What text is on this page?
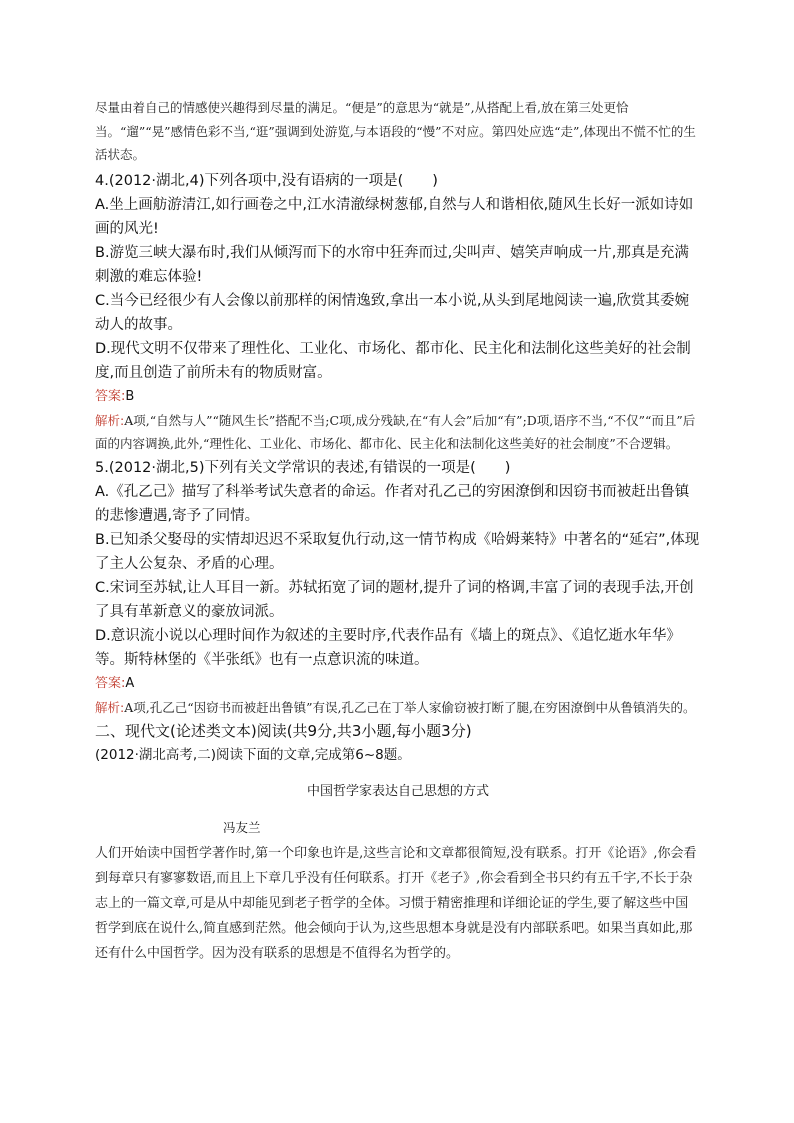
尽量由着自己的情感使兴趣得到尽量的满足。“便是”的意思为“就是”,从搭配上看,放在第三处更恰当。“遛”“晃”感情色彩不当,“逛”强调到处游览,与本语段的“慢”不对应。第四处应选“走”,体现出不慌不忙的生活状态。

4.(2012·湖北,4)下列各项中,没有语病的一项是(　　)

A.坐上画舫游清江,如行画卷之中,江水清澈绿树葱郁,自然与人和谐相依,随风生长好一派如诗如画的风光!

B.游览三峡大瀑布时,我们从倾泻而下的水帘中狂奔而过,尖叫声、嬉笑声响成一片,那真是充满刺激的难忘体验!

C.当今已经很少有人会像以前那样的闲情逸致,拿出一本小说,从头到尾地阅读一遍,欣赏其委婉动人的故事。

D.现代文明不仅带来了理性化、工业化、市场化、都市化、民主化和法制化这些美好的社会制度,而且创造了前所未有的物质财富。

答案:B

解析:A项,“自然与人”“随风生长”搭配不当;C项,成分残缺,在“有人会”后加“有”;D项,语序不当,“不仅”“而且”后面的内容调换,此外,“理性化、工业化、市场化、都市化、民主化和法制化这些美好的社会制度”不合逻辑。

5.(2012·湖北,5)下列有关文学常识的表述,有错误的一项是(　　)

A.《孔乙己》描写了科举考试失意者的命运。作者对孔乙己的穷困潦倒和因窃书而被赶出鲁镇的悲惨遭遇,寄予了同情。

B.已知杀父娶母的实情却迟迟不采取复仇行动,这一情节构成《哈姆莱特》中著名的“延宕”,体现了主人公复杂、矛盾的心理。

C.宋词至苏轼,让人耳目一新。苏轼拓宽了词的题材,提升了词的格调,丰富了词的表现手法,开创了具有革新意义的豪放词派。

D.意识流小说以心理时间作为叙述的主要时序,代表作品有《墙上的斑点》、《追忆逝水年华》等。斯特林堡的《半张纸》也有一点意识流的味道。

答案:A

解析:A项,孔乙己“因窃书而被赶出鲁镇”有误,孔乙己在丁举人家偷窃被打断了腿,在穷困潦倒中从鲁镇消失的。

二、现代文(论述类文本)阅读(共9分,共3小题,每小题3分)

(2012·湖北高考,二)阅读下面的文章,完成第6~8题。

中国哲学家表达自己思想的方式

冯友兰

人们开始读中国哲学著作时,第一个印象也许是,这些言论和文章都很简短,没有联系。打开《论语》,你会看到每章只有寥寥数语,而且上下章几乎没有任何联系。打开《老子》,你会看到全书只约有五千字,不长于杂志上的一篇文章,可是从中却能见到老子哲学的全体。习惯于精密推理和详细论证的学生,要了解这些中国哲学到底在说什么,简直感到茫然。他会倾向于认为,这些思想本身就是没有内部联系吧。如果当真如此,那还有什么中国哲学。因为没有联系的思想是不值得名为哲学的。
